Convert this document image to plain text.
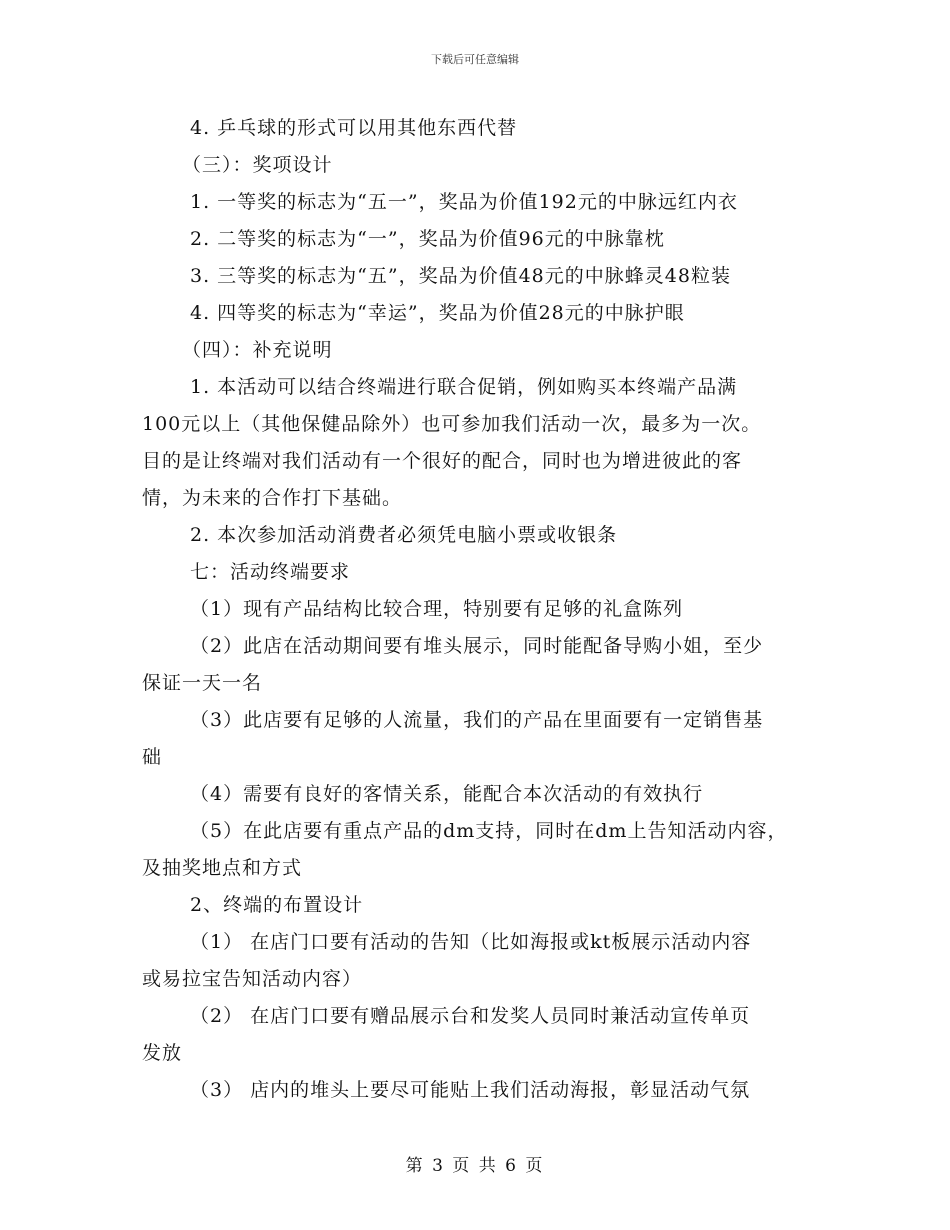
下载后可任意编辑
4. 乒乓球的形式可以用其他东西代替
（三）：奖项设计
1. 一等奖的标志为“五一”，奖品为价值192元的中脉远红内衣
2. 二等奖的标志为“一”，奖品为价值96元的中脉靠枕
3. 三等奖的标志为“五”，奖品为价值48元的中脉蜂灵48粒装
4. 四等奖的标志为“幸运”，奖品为价值28元的中脉护眼
（四）：补充说明
1. 本活动可以结合终端进行联合促销，例如购买本终端产品满
100元以上（其他保健品除外）也可参加我们活动一次，最多为一次。
目的是让终端对我们活动有一个很好的配合，同时也为增进彼此的客
情，为未来的合作打下基础。
2. 本次参加活动消费者必须凭电脑小票或收银条
七：活动终端要求
（1）现有产品结构比较合理，特别要有足够的礼盒陈列
（2）此店在活动期间要有堆头展示，同时能配备导购小姐，至少
保证一天一名
（3）此店要有足够的人流量，我们的产品在里面要有一定销售基
础
（4）需要有良好的客情关系，能配合本次活动的有效执行
（5）在此店要有重点产品的dm支持，同时在dm上告知活动内容，
及抽奖地点和方式
2、终端的布置设计
（1） 在店门口要有活动的告知（比如海报或kt板展示活动内容
或易拉宝告知活动内容）
（2） 在店门口要有赠品展示台和发奖人员同时兼活动宣传单页
发放
（3） 店内的堆头上要尽可能贴上我们活动海报，彰显活动气氛
第 3 页 共 6 页
